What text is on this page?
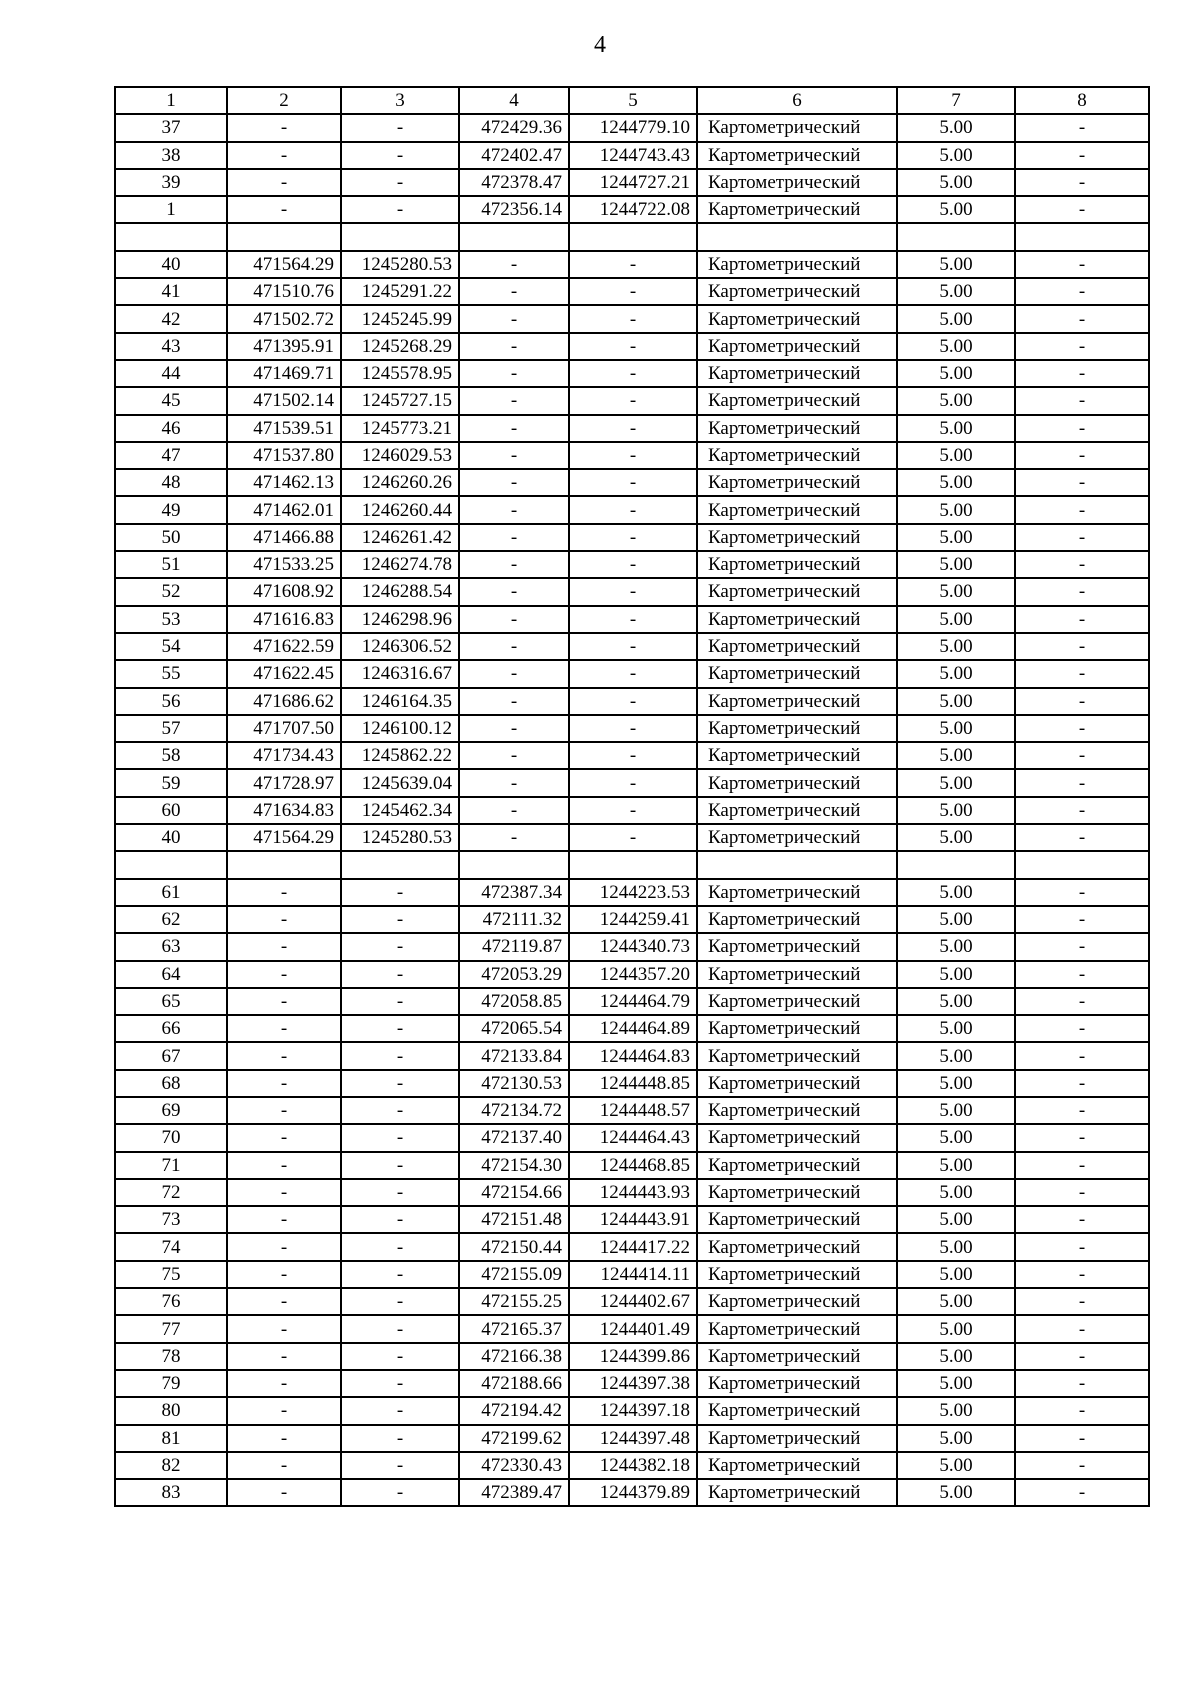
4
1	2	3	4	5	6	7	8
37	-	-	472429.36	1244779.10	Картометрический	5.00	-
38	-	-	472402.47	1244743.43	Картометрический	5.00	-
39	-	-	472378.47	1244727.21	Картометрический	5.00	-
1	-	-	472356.14	1244722.08	Картометрический	5.00	-

40	471564.29	1245280.53	-	-	Картометрический	5.00	-
41	471510.76	1245291.22	-	-	Картометрический	5.00	-
42	471502.72	1245245.99	-	-	Картометрический	5.00	-
43	471395.91	1245268.29	-	-	Картометрический	5.00	-
44	471469.71	1245578.95	-	-	Картометрический	5.00	-
45	471502.14	1245727.15	-	-	Картометрический	5.00	-
46	471539.51	1245773.21	-	-	Картометрический	5.00	-
47	471537.80	1246029.53	-	-	Картометрический	5.00	-
48	471462.13	1246260.26	-	-	Картометрический	5.00	-
49	471462.01	1246260.44	-	-	Картометрический	5.00	-
50	471466.88	1246261.42	-	-	Картометрический	5.00	-
51	471533.25	1246274.78	-	-	Картометрический	5.00	-
52	471608.92	1246288.54	-	-	Картометрический	5.00	-
53	471616.83	1246298.96	-	-	Картометрический	5.00	-
54	471622.59	1246306.52	-	-	Картометрический	5.00	-
55	471622.45	1246316.67	-	-	Картометрический	5.00	-
56	471686.62	1246164.35	-	-	Картометрический	5.00	-
57	471707.50	1246100.12	-	-	Картометрический	5.00	-
58	471734.43	1245862.22	-	-	Картометрический	5.00	-
59	471728.97	1245639.04	-	-	Картометрический	5.00	-
60	471634.83	1245462.34	-	-	Картометрический	5.00	-
40	471564.29	1245280.53	-	-	Картометрический	5.00	-

61	-	-	472387.34	1244223.53	Картометрический	5.00	-
62	-	-	472111.32	1244259.41	Картометрический	5.00	-
63	-	-	472119.87	1244340.73	Картометрический	5.00	-
64	-	-	472053.29	1244357.20	Картометрический	5.00	-
65	-	-	472058.85	1244464.79	Картометрический	5.00	-
66	-	-	472065.54	1244464.89	Картометрический	5.00	-
67	-	-	472133.84	1244464.83	Картометрический	5.00	-
68	-	-	472130.53	1244448.85	Картометрический	5.00	-
69	-	-	472134.72	1244448.57	Картометрический	5.00	-
70	-	-	472137.40	1244464.43	Картометрический	5.00	-
71	-	-	472154.30	1244468.85	Картометрический	5.00	-
72	-	-	472154.66	1244443.93	Картометрический	5.00	-
73	-	-	472151.48	1244443.91	Картометрический	5.00	-
74	-	-	472150.44	1244417.22	Картометрический	5.00	-
75	-	-	472155.09	1244414.11	Картометрический	5.00	-
76	-	-	472155.25	1244402.67	Картометрический	5.00	-
77	-	-	472165.37	1244401.49	Картометрический	5.00	-
78	-	-	472166.38	1244399.86	Картометрический	5.00	-
79	-	-	472188.66	1244397.38	Картометрический	5.00	-
80	-	-	472194.42	1244397.18	Картометрический	5.00	-
81	-	-	472199.62	1244397.48	Картометрический	5.00	-
82	-	-	472330.43	1244382.18	Картометрический	5.00	-
83	-	-	472389.47	1244379.89	Картометрический	5.00	-
